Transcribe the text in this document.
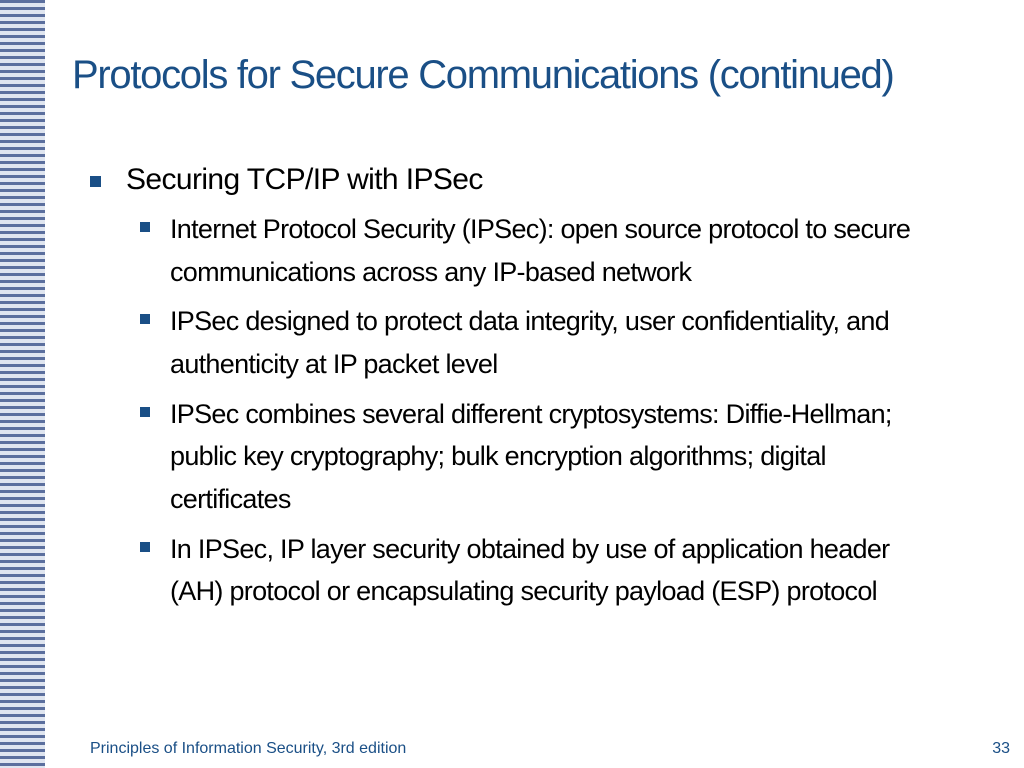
Protocols for Secure Communications (continued)
Securing TCP/IP with IPSec
Internet Protocol Security (IPSec): open source protocol to secure communications across any IP-based network
IPSec designed to protect data integrity, user confidentiality, and authenticity at IP packet level
IPSec combines several different cryptosystems: Diffie-Hellman; public key cryptography; bulk encryption algorithms; digital certificates
In IPSec, IP layer security obtained by use of application header (AH) protocol or encapsulating security payload (ESP) protocol
Principles of Information Security, 3rd edition	33
